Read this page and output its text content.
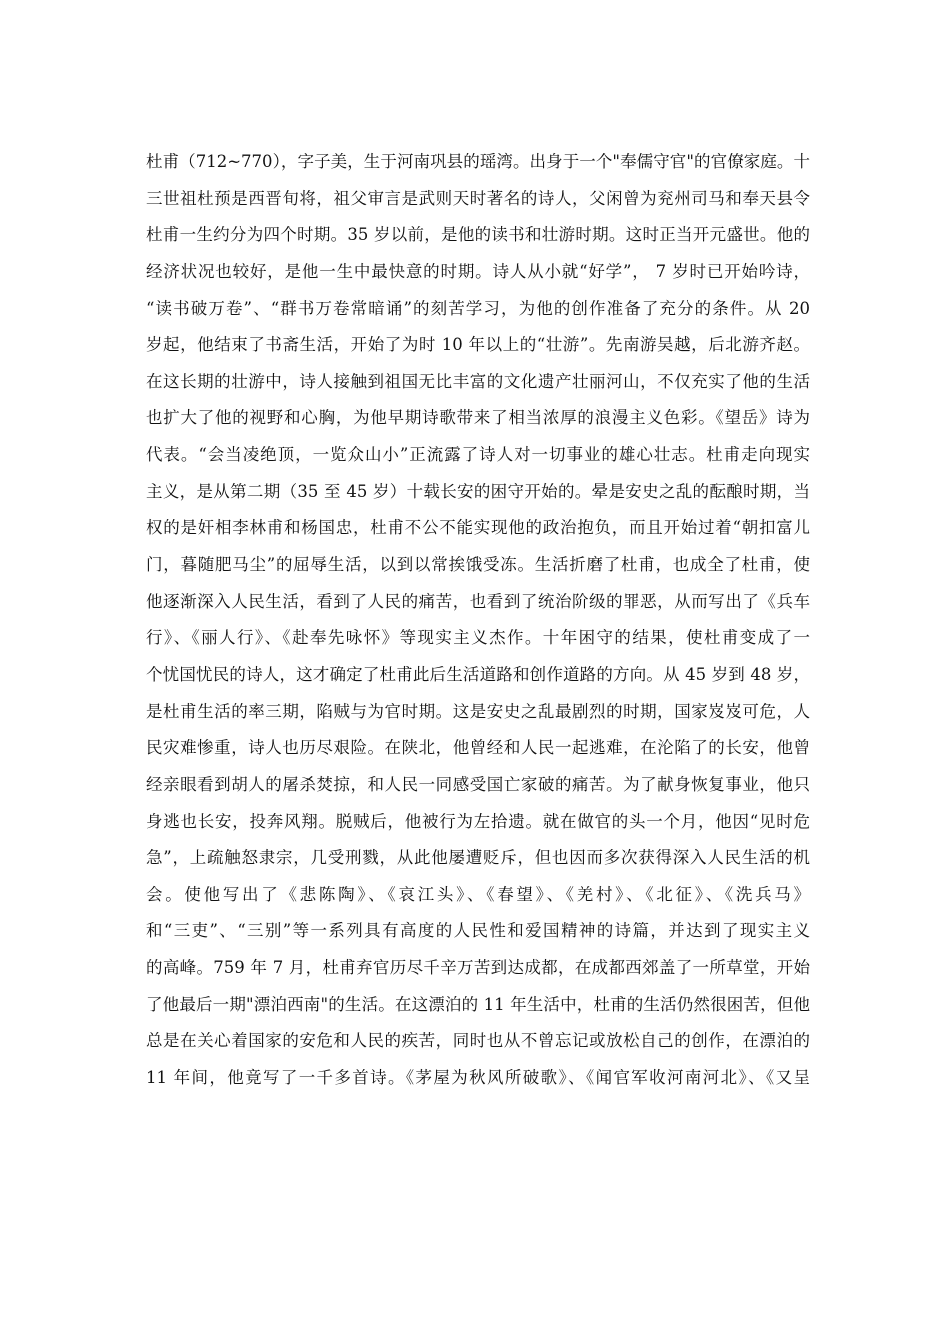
杜甫（712~770），字子美，生于河南巩县的瑶湾。出身于一个"奉儒守官"的官僚家庭。十
三世祖杜预是西晋旬将，祖父审言是武则天时著名的诗人，父闲曾为兖州司马和奉天县令
杜甫一生约分为四个时期。35 岁以前，是他的读书和壮游时期。这时正当开元盛世。他的
经济状况也较好，是他一生中最快意的时期。诗人从小就“好学”， 7 岁时已开始吟诗，
“读书破万卷”、“群书万卷常暗诵”的刻苦学习，为他的创作准备了充分的条件。从 20
岁起，他结束了书斋生活，开始了为时 10 年以上的“壮游”。先南游吴越，后北游齐赵。
在这长期的壮游中，诗人接触到祖国无比丰富的文化遗产壮丽河山，不仅充实了他的生活
也扩大了他的视野和心胸，为他早期诗歌带来了相当浓厚的浪漫主义色彩。《望岳》诗为
代表。“会当凌绝顶，一览众山小”正流露了诗人对一切事业的雄心壮志。杜甫走向现实
主义，是从第二期（35 至 45 岁）十载长安的困守开始的。晕是安史之乱的酝酿时期，当
权的是奸相李林甫和杨国忠，杜甫不公不能实现他的政治抱负，而且开始过着“朝扣富儿
门，暮随肥马尘”的屈辱生活，以到以常挨饿受冻。生活折磨了杜甫，也成全了杜甫，使
他逐渐深入人民生活，看到了人民的痛苦，也看到了统治阶级的罪恶，从而写出了《兵车
行》、《丽人行》、《赴奉先咏怀》等现实主义杰作。十年困守的结果，使杜甫变成了一
个忧国忧民的诗人，这才确定了杜甫此后生活道路和创作道路的方向。从 45 岁到 48 岁，
是杜甫生活的率三期，陷贼与为官时期。这是安史之乱最剧烈的时期，国家岌岌可危，人
民灾难惨重，诗人也历尽艰险。在陕北，他曾经和人民一起逃难，在沦陷了的长安，他曾
经亲眼看到胡人的屠杀焚掠，和人民一同感受国亡家破的痛苦。为了献身恢复事业，他只
身逃也长安，投奔风翔。脱贼后，他被行为左拾遗。就在做官的头一个月，他因“见时危
急”，上疏触怒隶宗，几受刑戮，从此他屡遭贬斥，但也因而多次获得深入人民生活的机
会。使他写出了《悲陈陶》、《哀江头》、《春望》、《羌村》、《北征》、《洗兵马》
和“三吏”、“三别”等一系列具有高度的人民性和爱国精神的诗篇，并达到了现实主义
的高峰。759 年 7 月，杜甫弃官历尽千辛万苦到达成都，在成都西郊盖了一所草堂，开始
了他最后一期"漂泊西南"的生活。在这漂泊的 11 年生活中，杜甫的生活仍然很困苦，但他
总是在关心着国家的安危和人民的疾苦，同时也从不曾忘记或放松自己的创作，在漂泊的
11 年间，他竟写了一千多首诗。《茅屋为秋风所破歌》、《闻官军收河南河北》、《又呈
